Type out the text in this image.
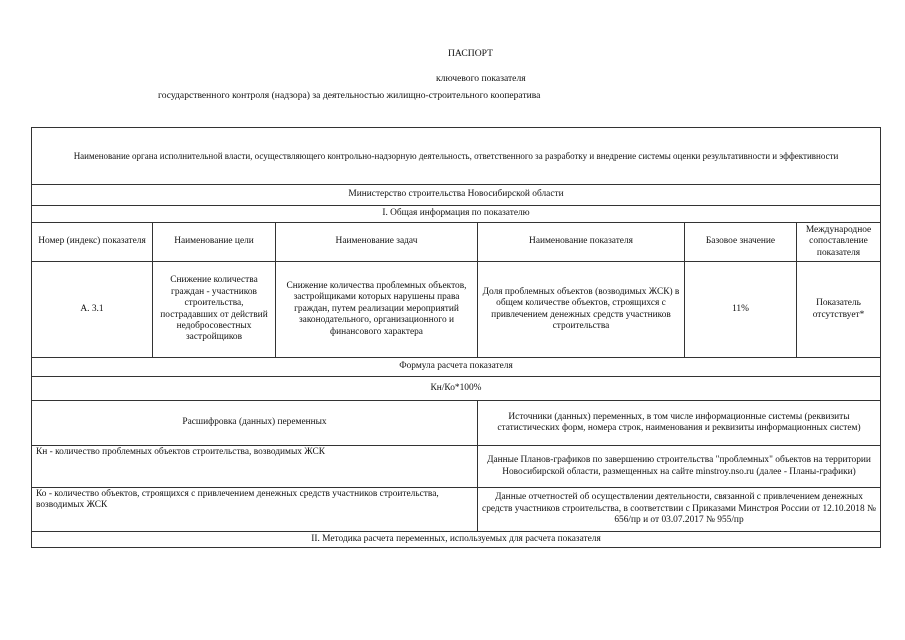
ПАСПОРТ
ключевого показателя
государственного контроля (надзора) за деятельностью жилищно-строительного кооператива
Наименование органа исполнительной власти, осуществляющего контрольно-надзорную деятельность, ответственного за разработку и внедрение системы оценки результативности и эффективности					
Министерство строительства Новосибирской области					
I. Общая информация по показателю					
Номер (индекс) показателя	Наименование цели	Наименование задач	Наименование показателя	Базовое значение	Международное сопоставление показателя
А. 3.1	Снижение количества граждан - участников строительства, пострадавших от действий недобросовестных застройщиков	Снижение количества проблемных объектов, застройщиками которых нарушены права граждан, путем реализации мероприятий законодательного, организационного и финансового характера	Доля проблемных объектов (возводимых ЖСК) в общем количестве объектов, строящихся с привлечением денежных средств участников строительства	11%	Показатель отсутствует*
Формула расчета показателя					
Кн/Ко*100%					
Расшифровка (данных) переменных			Источники (данных) переменных, в том числе информационные системы (реквизиты статистических форм, номера строк, наименования и реквизиты информационных систем)		
Кн - количество проблемных объектов строительства, возводимых ЖСК			Данные Планов-графиков по завершению строительства "проблемных" объектов на территории Новосибирской области, размещенных на сайте minstroy.nso.ru (далее - Планы-графики)		
Ко - количество объектов, строящихся с привлечением денежных средств участников строительства, возводимых ЖСК			Данные отчетностей об осуществлении деятельности, связанной с привлечением денежных средств участников строительства, в соответствии с Приказами Минстроя России от 12.10.2018 № 656/пр и от 03.07.2017 № 955/пр		
II. Методика расчета переменных, используемых для расчета показателя					
